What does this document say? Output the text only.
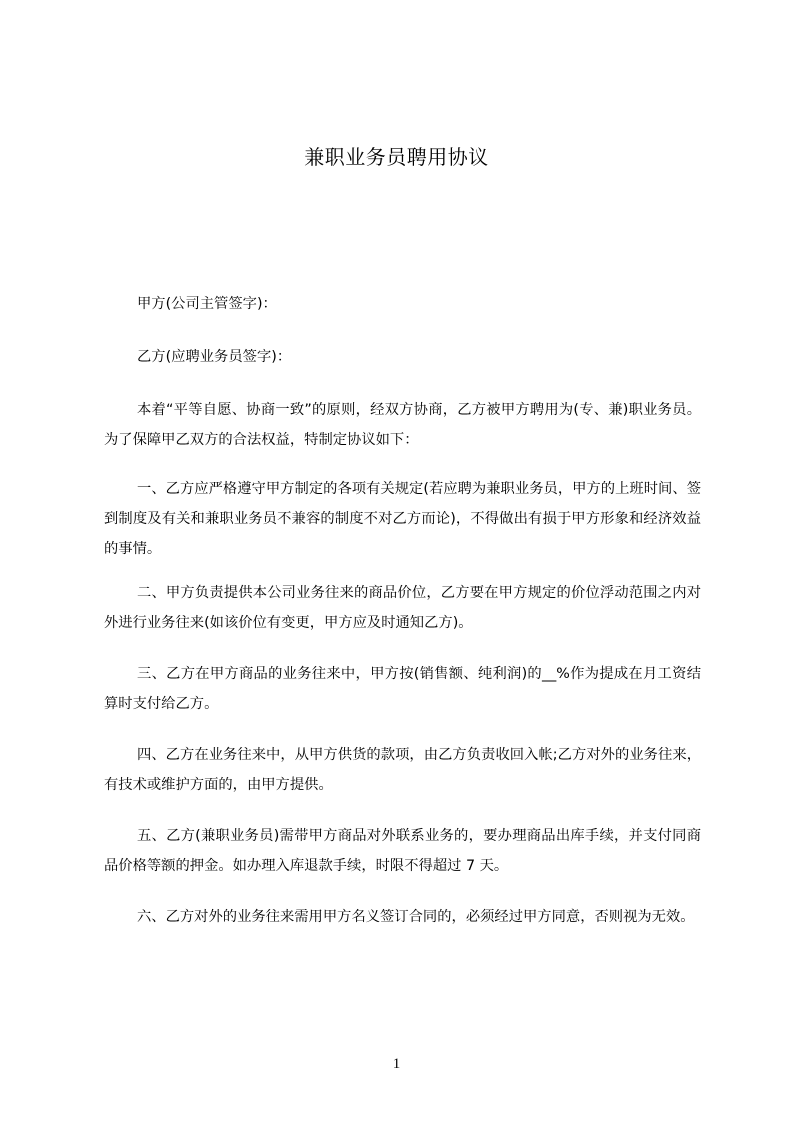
兼职业务员聘用协议

甲方(公司主管签字)：

乙方(应聘业务员签字)：

本着“平等自愿、协商一致”的原则，经双方协商，乙方被甲方聘用为(专、兼)职业务员。为了保障甲乙双方的合法权益，特制定协议如下：

一、乙方应严格遵守甲方制定的各项有关规定(若应聘为兼职业务员，甲方的上班时间、签到制度及有关和兼职业务员不兼容的制度不对乙方而论)，不得做出有损于甲方形象和经济效益的事情。

二、甲方负责提供本公司业务往来的商品价位，乙方要在甲方规定的价位浮动范围之内对外进行业务往来(如该价位有变更，甲方应及时通知乙方)。

三、乙方在甲方商品的业务往来中，甲方按(销售额、纯利润)的__%作为提成在月工资结算时支付给乙方。

四、乙方在业务往来中，从甲方供货的款项，由乙方负责收回入帐;乙方对外的业务往来，有技术或维护方面的，由甲方提供。

五、乙方(兼职业务员)需带甲方商品对外联系业务的，要办理商品出库手续，并支付同商品价格等额的押金。如办理入库退款手续，时限不得超过 7 天。

六、乙方对外的业务往来需用甲方名义签订合同的，必须经过甲方同意，否则视为无效。

1
